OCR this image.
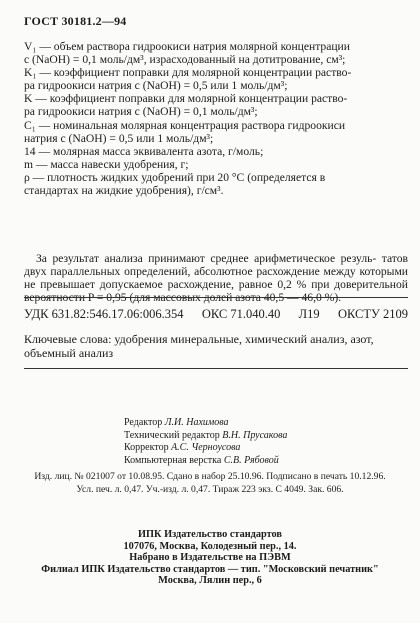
ГОСТ 30181.2—94
V₁ — объем раствора гидроокиси натрия молярной концентрации
с (NaOH) = 0,1 моль/дм³, израсходованный на дотитрование, см³;
K₁ — коэффициент поправки для молярной концентрации раство-
ра гидроокиси натрия с (NaOH) = 0,5 или 1 моль/дм³;
K — коэффициент поправки для молярной концентрации раство-
ра гидроокиси натрия с (NaOH) = 0,1 моль/дм³;
C₁ — номинальная молярная концентрация раствора гидроокиси
натрия с (NaOH) = 0,5 или 1 моль/дм³;
14 — молярная масса эквивалента азота, г/моль;
m — масса навески удобрения, г;
ρ — плотность жидких удобрений при 20 °С (определяется в
стандартах на жидкие удобрения), г/см³.
За результат анализа принимают среднее арифметическое резуль- татов двух параллельных определений, абсолютное расхождение между которыми не превышает допускаемое расхождение, равное 0,2 % при доверительной вероятности P = 0,95 (для массовых долей азота 40,5 — 46,0 %).
УДК 631.82:546.17.06:006.354 ОКС 71.040.40 Л19 ОКСТУ 2109
Ключевые слова: удобрения минеральные, химический анализ, азот, объемный анализ
Редактор Л.И. Нахимова
Технический редактор В.Н. Прусакова
Корректор А.С. Черноусова
Компьютерная верстка С.В. Рябовой
Изд. лиц. № 021007 от 10.08.95. Сдано в набор 25.10.96. Подписано в печать 10.12.96.
Усл. печ. л. 0,47. Уч.-изд. л. 0,47. Тираж 223 экз. С 4049. Зак. 606.
ИПК Издательство стандартов
107076, Москва, Колодезный пер., 14.
Набрано в Издательстве на ПЭВМ
Филиал ИПК Издательство стандартов — тип. "Московский печатник"
Москва, Лялин пер., 6
